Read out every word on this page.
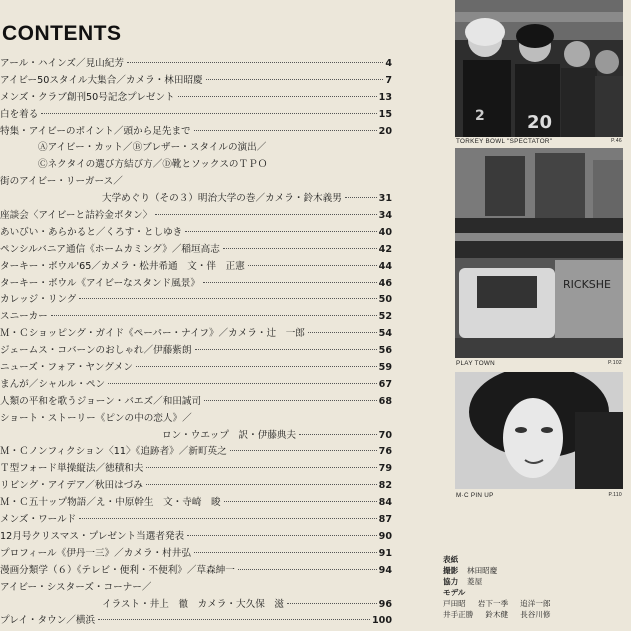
CONTENTS
アール・ハインズ／見山紀芳	4
アイビー50スタイル大集合／カメラ・林田昭慶	7
メンズ・クラブ創刊50号記念プレゼント	13
白を着る	15
特集・アイビーのポイント／頭から足先まで	20
Ⓐアイビー・カット／Ⓑブレザー・スタイルの演出／
Ⓒネクタイの選び方結び方／Ⓓ靴とソックスのＴＰＯ
街のアイビー・リーガース／
大学めぐり（その３）明治大学の巻／カメラ・鈴木義男	31
座談会〈アイビーと詰衿金ボタン〉	34
あいびい・あらかると／くろす・としゆき	40
ペンシルバニア通信《ホームカミング》／稲垣高志	42
ターキー・ボウル'65／カメラ・松井希通　文・伴　正憲	44
ターキー・ボウル《アイビーなスタンド風景》	46
カレッジ・リング	50
スニーカー	52
Ｍ・Ｃショッピング・ガイド《ペーパー・ナイフ》／カメラ・辻　一郎	54
ジェームス・コバーンのおしゃれ／伊藤紫朗	56
ニューズ・フォア・ヤングメン	59
まんが／シャルル・ペン	67
人類の平和を歌うジョーン・バエズ／和田誠司	68
ショート・ストーリー《ピンの中の恋人》／
ロン・ウエップ　訳・伊藤典夫	70
Ｍ・Ｃノンフィクション〈11〉《追跡者》／新町英之	76
Ｔ型フォード単操縦法／徳積和夫	79
リビング・アイデア／秋田はづみ	82
Ｍ・Ｃ五十ップ物語／え・中原幹生　文・寺崎　晙	84
メンズ・ワールド	87
12月号クリスマス・プレゼント当選者発表	90
プロフィール《伊丹一三》／カメラ・村井弘	91
漫画分類学（６）《テレビ・便利・不便利》／草森紳一	94
アイビー・シスターズ・コーナー／
イラスト・井上　徹　カメラ・大久保　滋	96
プレイ・タウン／横浜	100
20
2
TORKEY BOWL "SPECTATOR"	P.46
RICKSHE
PLAY TOWN	P.102
M·C PIN UP	P.110
表紙
撮影 林田昭慶
協力 菱屋
モデル
戸田昭 岩下一季 追洋一郎
井手正勝 鈴木健 長谷川修
